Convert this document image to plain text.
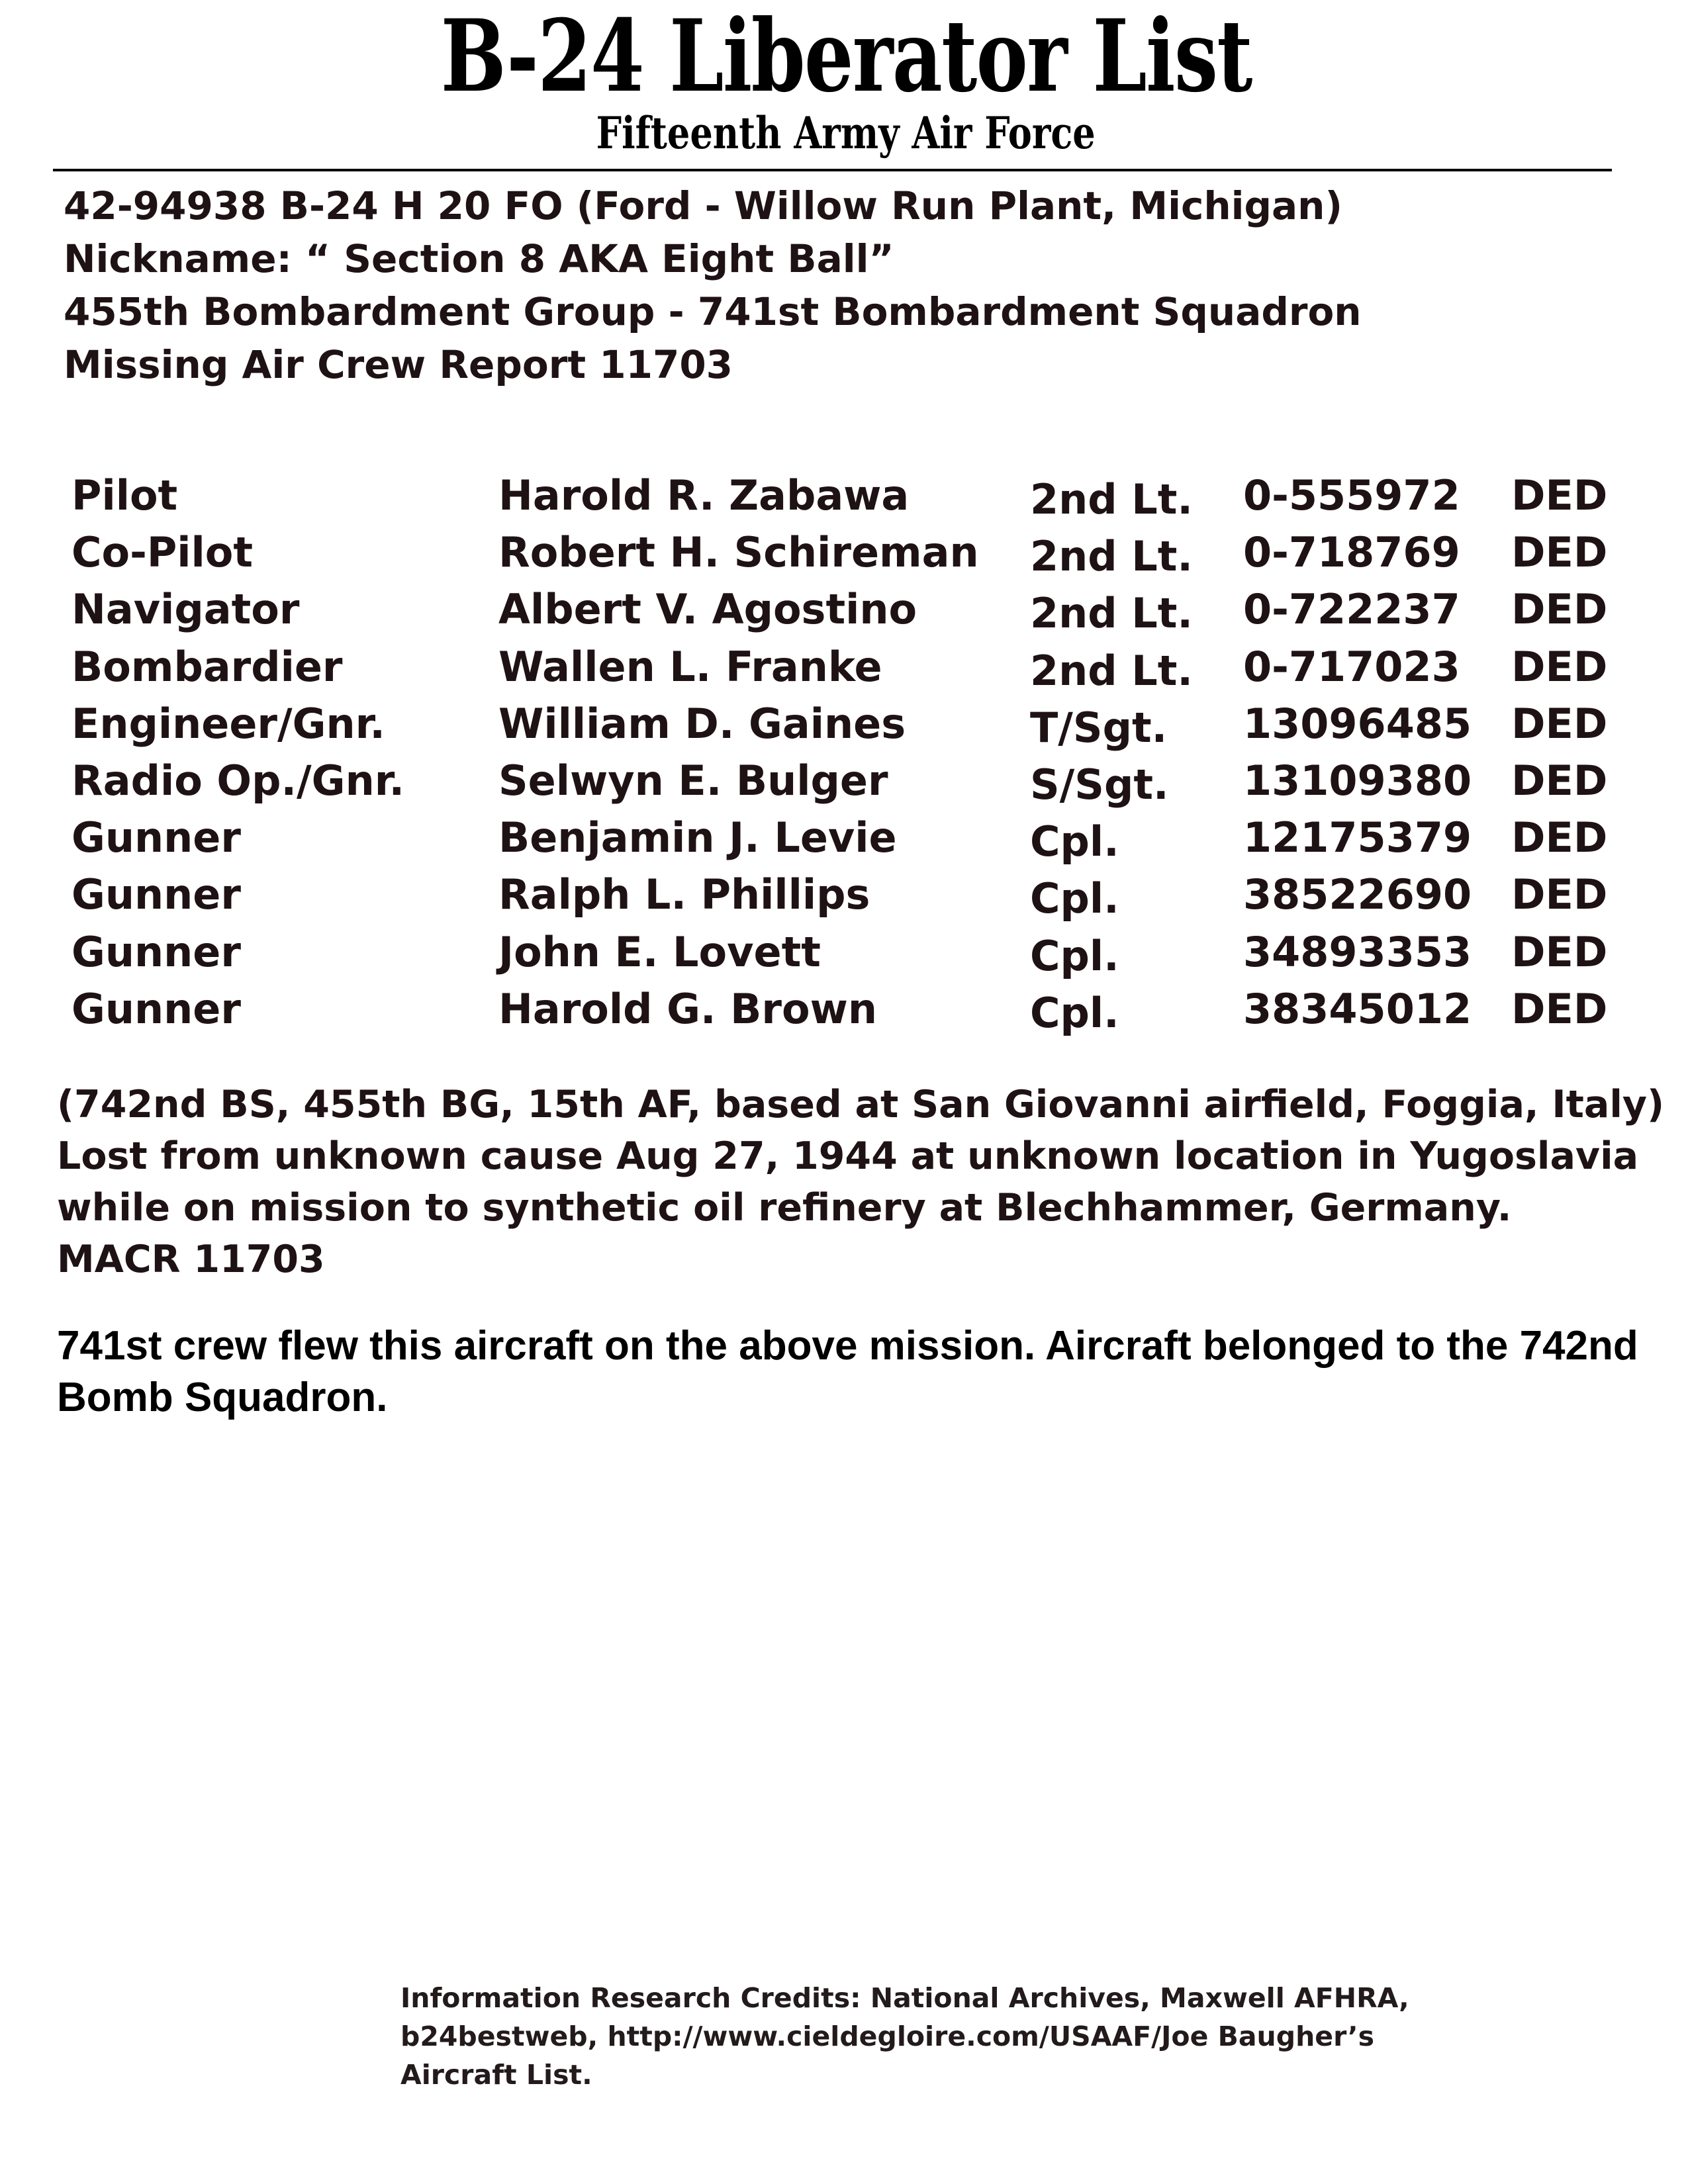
B-24 Liberator List
Fifteenth Army Air Force
42-94938 B-24 H 20 FO (Ford - Willow Run Plant, Michigan)
Nickname: “ Section 8 AKA Eight Ball”
455th Bombardment Group - 741st Bombardment Squadron
Missing Air Crew Report 11703
Pilot	Harold R. Zabawa	2nd Lt. 0-555972 DED
Co-Pilot	Robert H. Schireman 2nd Lt. 0-718769 DED
Navigator	Albert V. Agostino	2nd Lt. 0-722237 DED
Bombardier	Wallen L. Franke	2nd Lt. 0-717023 DED
Engineer/Gnr.	William D. Gaines	T/Sgt. 13096485 DED
Radio Op./Gnr. Selwyn E. Bulger	S/Sgt. 13109380 DED
Gunner	Benjamin J. Levie	Cpl.	12175379 DED
Gunner	Ralph L. Phillips	Cpl.	38522690 DED
Gunner	John E. Lovett	Cpl.	34893353 DED
Gunner	Harold G. Brown	Cpl.	38345012 DED
(742nd BS, 455th BG, 15th AF, based at San Giovanni airfield, Foggia, Italy)
Lost from unknown cause Aug 27, 1944 at unknown location in Yugoslavia
while on mission to synthetic oil refinery at Blechhammer, Germany.
MACR 11703
741st crew flew this aircraft on the above mission. Aircraft belonged to the 742nd Bomb Squadron.
Information Research Credits: National Archives, Maxwell AFHRA,
b24bestweb, http://www.cieldegloire.com/USAAF/Joe Baugher’s
Aircraft List.
